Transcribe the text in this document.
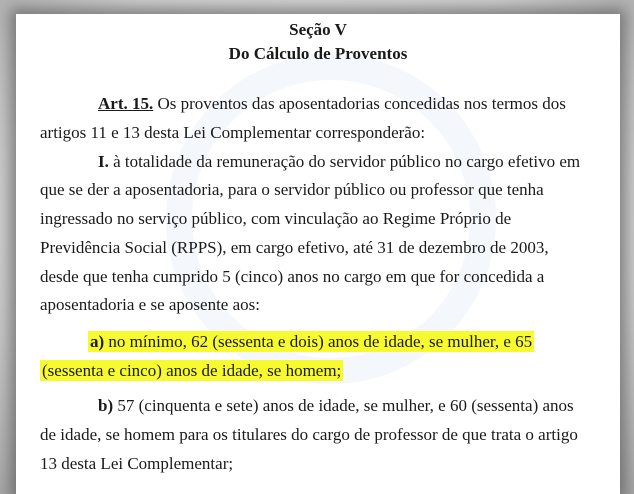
Seção V
Do Cálculo de Proventos
Art. 15. Os proventos das aposentadorias concedidas nos termos dos
artigos 11 e 13 desta Lei Complementar corresponderão:
I. à totalidade da remuneração do servidor público no cargo efetivo em
que se der a aposentadoria, para o servidor público ou professor que tenha
ingressado no serviço público, com vinculação ao Regime Próprio de
Previdência Social (RPPS), em cargo efetivo, até 31 de dezembro de 2003,
desde que tenha cumprido 5 (cinco) anos no cargo em que for concedida a
aposentadoria e se aposente aos:
a) no mínimo, 62 (sessenta e dois) anos de idade, se mulher, e 65
(sessenta e cinco) anos de idade, se homem;
b) 57 (cinquenta e sete) anos de idade, se mulher, e 60 (sessenta) anos
de idade, se homem para os titulares do cargo de professor de que trata o artigo
13 desta Lei Complementar;
